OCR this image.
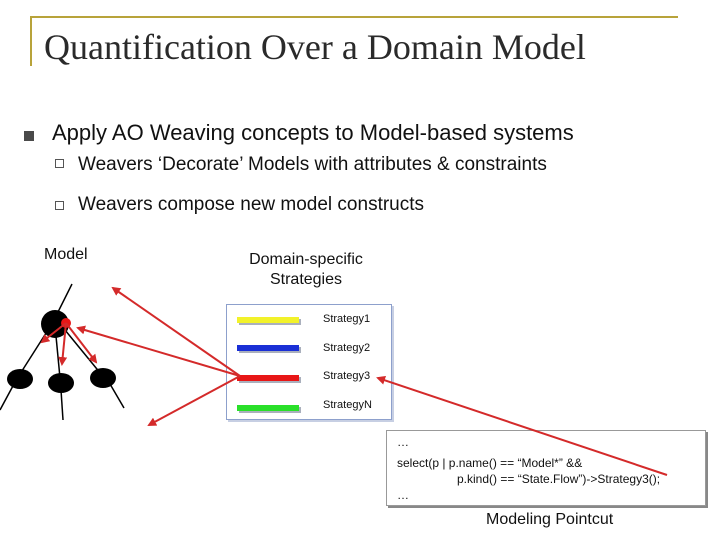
Quantification Over a Domain Model
Apply AO Weaving concepts to Model-based systems
Weavers ‘Decorate’ Models with attributes & constraints
Weavers compose new model constructs
Model	Domain-specific
Strategies
Strategy1
Strategy2
Strategy3
StrategyN
…
select(p | p.name() == “Model*” &&
p.kind() == “State.Flow”)->Strategy3();
…
Modeling Pointcut
